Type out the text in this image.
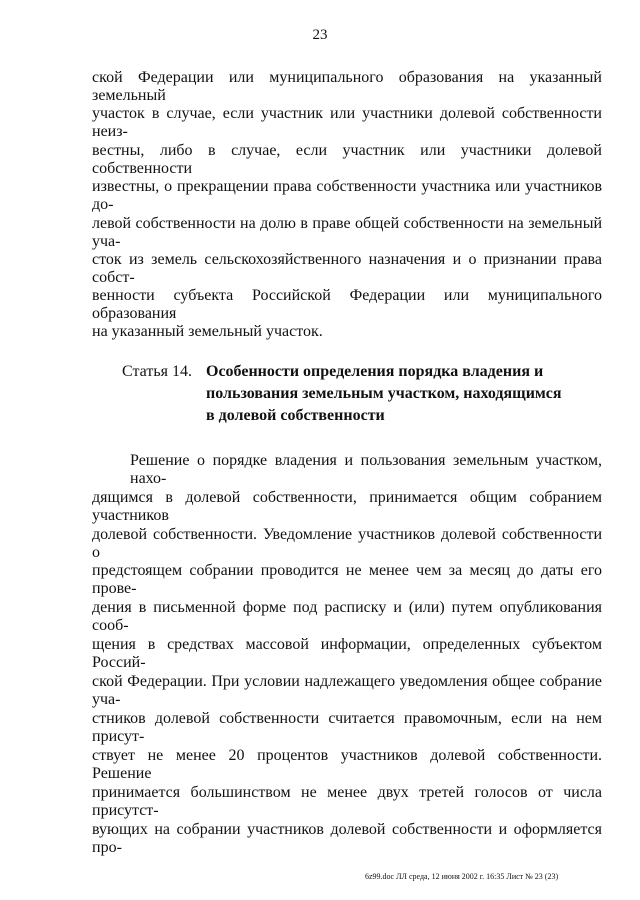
23

ской Федерации или муниципального образования на указанный земельный

участок в случае, если участник или участники долевой собственности неиз-

вестны, либо в случае, если участник или участники долевой собственности

известны, о прекращении права собственности участника или участников до-

левой собственности на долю в праве общей собственности на земельный уча-

сток из земель сельскохозяйственного назначения и о признании права собст-

венности субъекта Российской Федерации или муниципального образования

на указанный земельный участок.

Статья 14. Особенности определения порядка владения и
пользования земельным участком, находящимся
в долевой собственности

Решение о порядке владения и пользования земельным участком, нахо-

дящимся в долевой собственности, принимается общим собранием участников

долевой собственности. Уведомление участников долевой собственности о

предстоящем собрании проводится не менее чем за месяц до даты его прове-

дения в письменной форме под расписку и (или) путем опубликования сооб-

щения в средствах массовой информации, определенных субъектом Россий-

ской Федерации. При условии надлежащего уведомления общее собрание уча-

стников долевой собственности считается правомочным, если на нем присут-

ствует не менее 20 процентов участников долевой собственности. Решение

принимается большинством не менее двух третей голосов от числа присутст-

вующих на собрании участников долевой собственности и оформляется про-

6z99.doc ЛЛ среда, 12 июня 2002 г. 16:35 Лист № 23 (23)
